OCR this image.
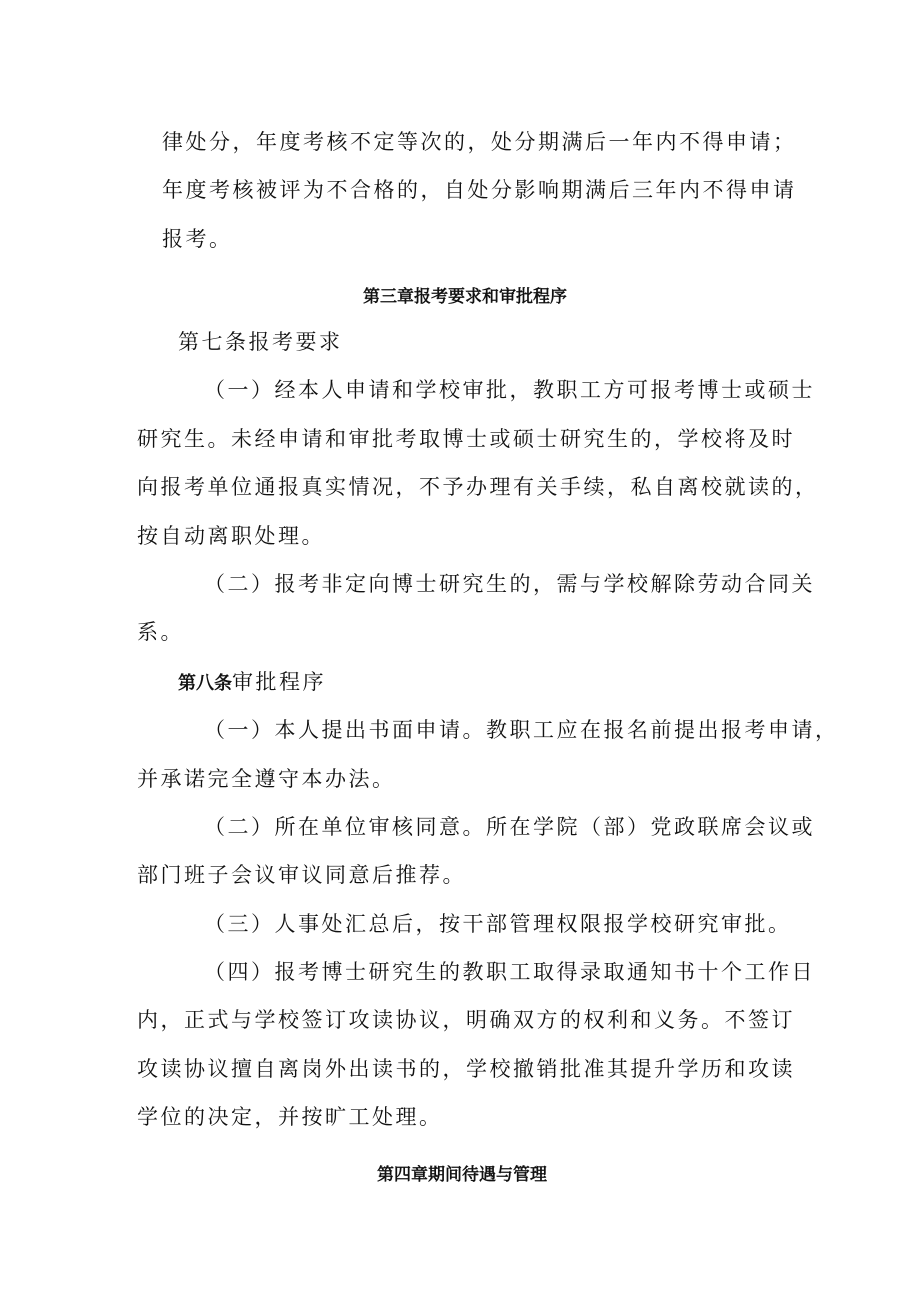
律处分，年度考核不定等次的，处分期满后一年内不得申请；
年度考核被评为不合格的，自处分影响期满后三年内不得申请
报考。
第三章报考要求和审批程序
第七条报考要求
（一）经本人申请和学校审批，教职工方可报考博士或硕士
研究生。未经申请和审批考取博士或硕士研究生的，学校将及时
向报考单位通报真实情况，不予办理有关手续，私自离校就读的，
按自动离职处理。
（二）报考非定向博士研究生的，需与学校解除劳动合同关
系。
第八条审批程序
（一）本人提出书面申请。教职工应在报名前提出报考申请，
并承诺完全遵守本办法。
（二）所在单位审核同意。所在学院（部）党政联席会议或
部门班子会议审议同意后推荐。
（三）人事处汇总后，按干部管理权限报学校研究审批。
（四）报考博士研究生的教职工取得录取通知书十个工作日
内，正式与学校签订攻读协议，明确双方的权利和义务。不签订
攻读协议擅自离岗外出读书的，学校撤销批准其提升学历和攻读
学位的决定，并按旷工处理。
第四章期间待遇与管理
